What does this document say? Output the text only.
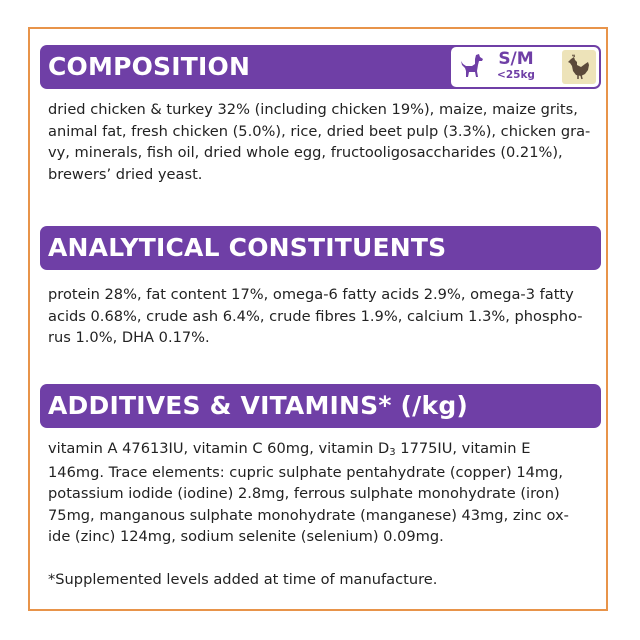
COMPOSITION	S/M
<25kg
dried chicken & turkey 32% (including chicken 19%), maize, maize grits,
animal fat, fresh chicken (5.0%), rice, dried beet pulp (3.3%), chicken gra-
vy, minerals, fish oil, dried whole egg, fructooligosaccharides (0.21%),
brewers’ dried yeast.
ANALYTICAL CONSTITUENTS
protein 28%, fat content 17%, omega-6 fatty acids 2.9%, omega-3 fatty
acids 0.68%, crude ash 6.4%, crude fibres 1.9%, calcium 1.3%, phospho-
rus 1.0%, DHA 0.17%.
ADDITIVES & VITAMINS* (/kg)
vitamin A 47613IU, vitamin C 60mg, vitamin D3 1775IU, vitamin E
146mg. Trace elements: cupric sulphate pentahydrate (copper) 14mg,
potassium iodide (iodine) 2.8mg, ferrous sulphate monohydrate (iron)
75mg, manganous sulphate monohydrate (manganese) 43mg, zinc ox-
ide (zinc) 124mg, sodium selenite (selenium) 0.09mg.
*Supplemented levels added at time of manufacture.
